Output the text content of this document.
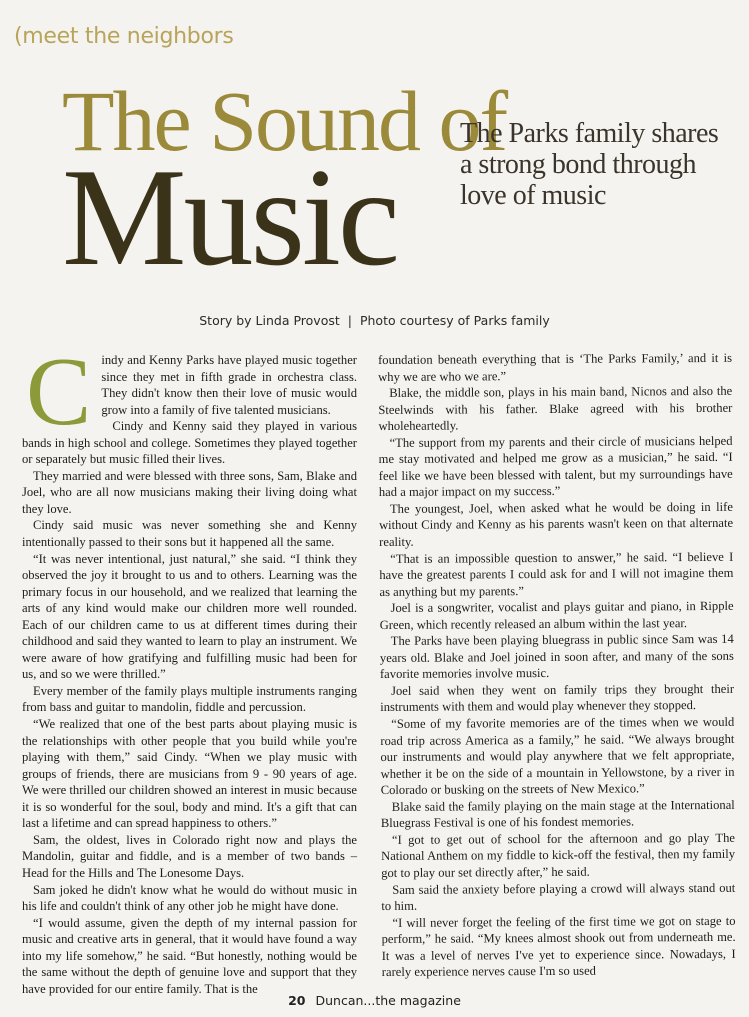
(meet the neighbors
The Sound of
Music
The Parks family shares a strong bond through love of music
Story by Linda Provost | Photo courtesy of Parks family

Cindy and Kenny Parks have played music together since they met in fifth grade in orchestra class. They didn't know then their love of music would grow into a family of five talented musicians.

Cindy and Kenny said they played in various bands in high school and college. Sometimes they played together or separately but music filled their lives.

They married and were blessed with three sons, Sam, Blake and Joel, who are all now musicians making their living doing what they love.

Cindy said music was never something she and Kenny intentionally passed to their sons but it happened all the same.

“It was never intentional, just natural,” she said. “I think they observed the joy it brought to us and to others. Learning was the primary focus in our household, and we realized that learning the arts of any kind would make our children more well rounded. Each of our children came to us at different times during their childhood and said they wanted to learn to play an instrument. We were aware of how gratifying and fulfilling music had been for us, and so we were thrilled.”

Every member of the family plays multiple instruments ranging from bass and guitar to mandolin, fiddle and percussion.

“We realized that one of the best parts about playing music is the relationships with other people that you build while you're playing with them,” said Cindy. “When we play music with groups of friends, there are musicians from 9 - 90 years of age. We were thrilled our children showed an interest in music because it is so wonderful for the soul, body and mind. It's a gift that can last a lifetime and can spread happiness to others.”

Sam, the oldest, lives in Colorado right now and plays the Mandolin, guitar and fiddle, and is a member of two bands – Head for the Hills and The Lonesome Days.

Sam joked he didn't know what he would do without music in his life and couldn't think of any other job he might have done.

“I would assume, given the depth of my internal passion for music and creative arts in general, that it would have found a way into my life somehow,” he said. “But honestly, nothing would be the same without the depth of genuine love and support that they have provided for our entire family. That is the

foundation beneath everything that is ‘The Parks Family,’ and it is why we are who we are.”

Blake, the middle son, plays in his main band, Nicnos and also the Steelwinds with his father. Blake agreed with his brother wholeheartedly.

“The support from my parents and their circle of musicians helped me stay motivated and helped me grow as a musician,” he said. “I feel like we have been blessed with talent, but my surroundings have had a major impact on my success.”

The youngest, Joel, when asked what he would be doing in life without Cindy and Kenny as his parents wasn't keen on that alternate reality.

“That is an impossible question to answer,” he said. “I believe I have the greatest parents I could ask for and I will not imagine them as anything but my parents.”

Joel is a songwriter, vocalist and plays guitar and piano, in Ripple Green, which recently released an album within the last year.

The Parks have been playing bluegrass in public since Sam was 14 years old. Blake and Joel joined in soon after, and many of the sons favorite memories involve music.

Joel said when they went on family trips they brought their instruments with them and would play whenever they stopped.

“Some of my favorite memories are of the times when we would road trip across America as a family,” he said. “We always brought our instruments and would play anywhere that we felt appropriate, whether it be on the side of a mountain in Yellowstone, by a river in Colorado or busking on the streets of New Mexico.”

Blake said the family playing on the main stage at the International Bluegrass Festival is one of his fondest memories.

“I got to get out of school for the afternoon and go play The National Anthem on my fiddle to kick-off the festival, then my family got to play our set directly after,” he said.

Sam said the anxiety before playing a crowd will always stand out to him.

“I will never forget the feeling of the first time we got on stage to perform,” he said. “My knees almost shook out from underneath me. It was a level of nerves I've yet to experience since. Nowadays, I rarely experience nerves cause I'm so used

20 Duncan...the magazine
